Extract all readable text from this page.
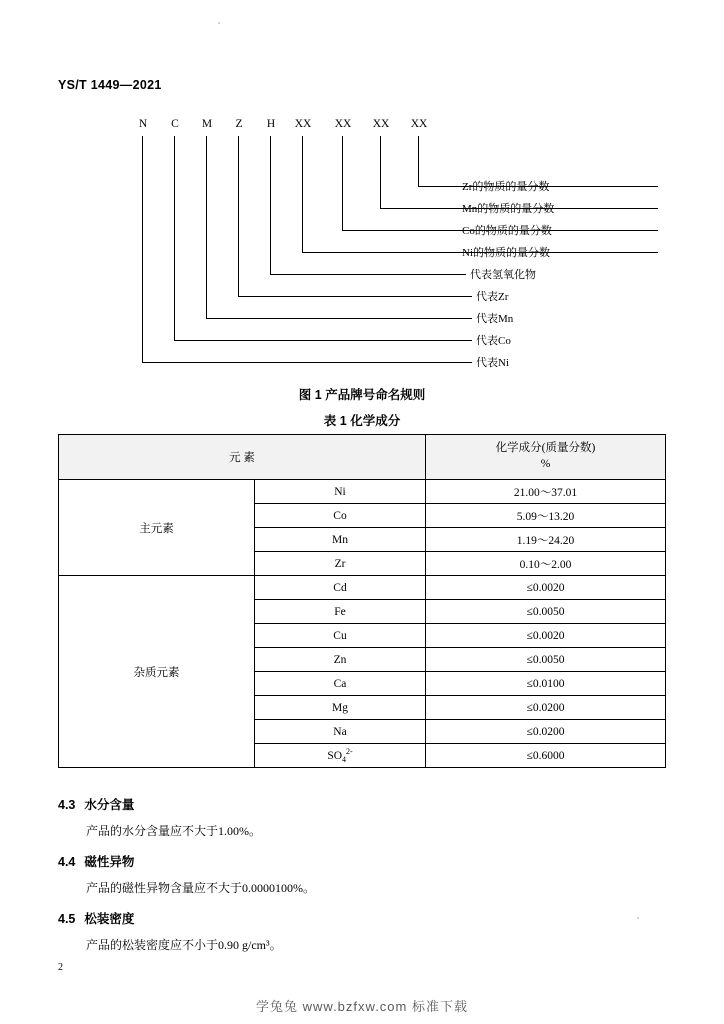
YS/T 1449—2021
N C M	Z	H XX XX XX XX
Zr的物质的量分数
Mn的物质的量分数
Co的物质的量分数
Ni的物质的量分数
代表氢氧化物
代表Zr
代表Mn
代表Co
代表Ni
图 1 产品牌号命名规则
表 1 化学成分
元 素		化学成分(质量分数)
%

主元素	Ni	21.00～37.01
	Co	5.09～13.20
	Mn	1.19～24.20
	Zr	0.10～2.00
杂质元素	Cd	≤0.0020
	Fe	≤0.0050
	Cu	≤0.0020
	Zn	≤0.0050
	Ca	≤0.0100
	Mg	≤0.0200
	Na	≤0.0200
	$SO_4^{2-}$	≤0.6000
4.3 水分含量
产品的水分含量应不大于1.00%。
4.4 磁性异物
产品的磁性异物含量应不大于0.0000100%。
4.5 松装密度
产品的松装密度应不小于0.90 g/cm³。
2
学兔兔 www.bzfxw.com 标准下载
